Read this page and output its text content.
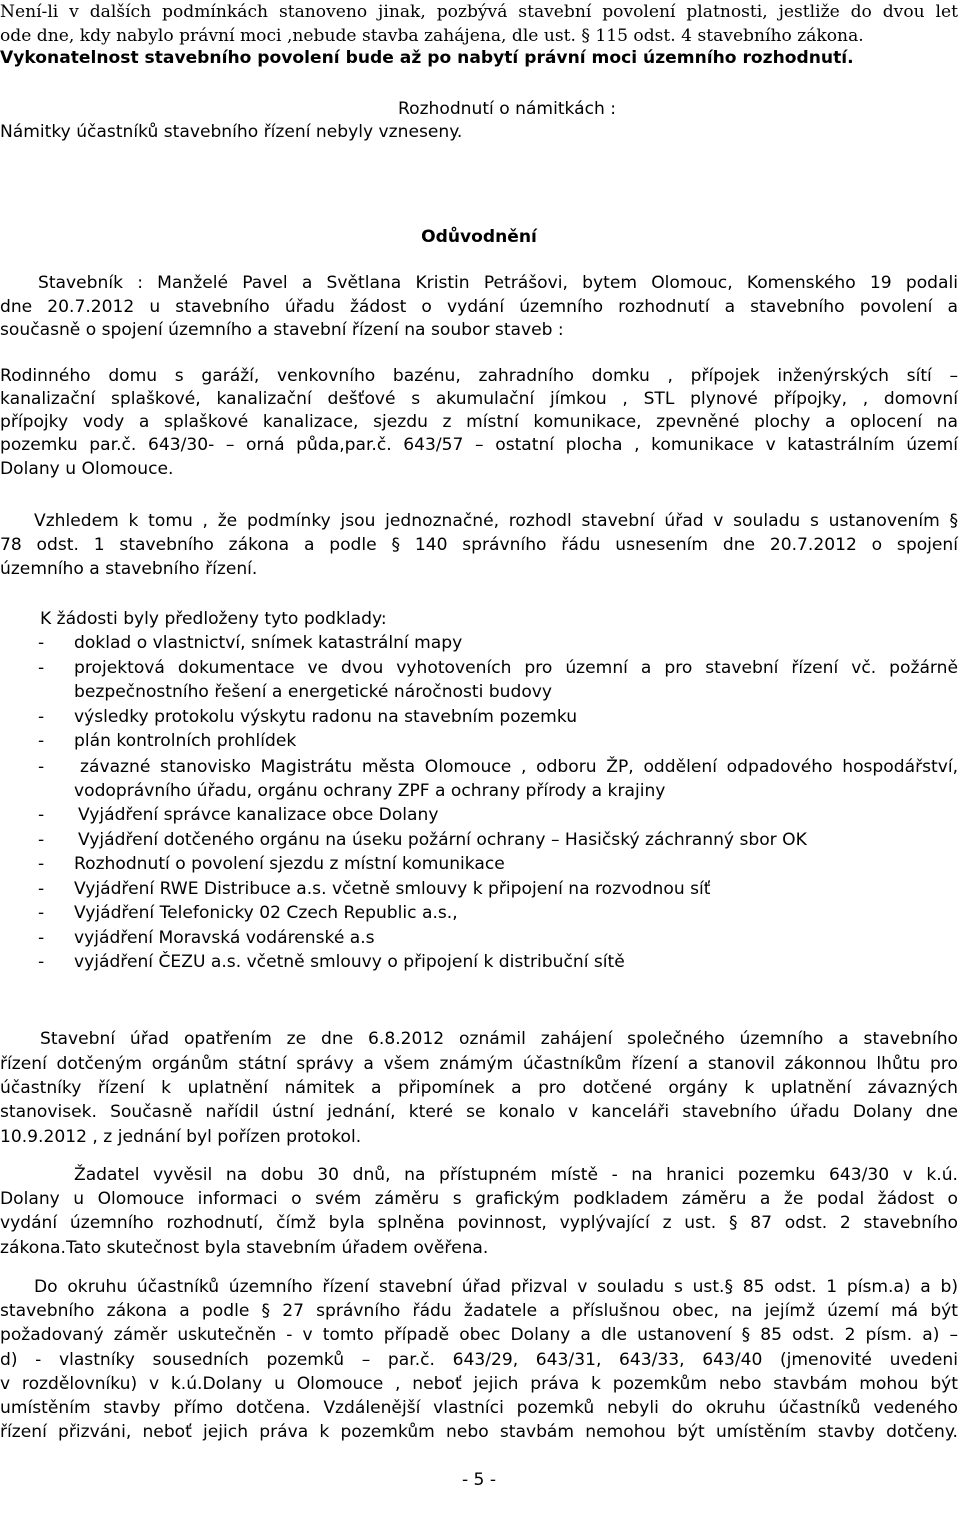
Není-li v dalších podmínkách stanoveno jinak, pozbývá stavební povolení platnosti, jestliže do dvou let
ode dne, kdy nabylo právní moci ,nebude stavba zahájena, dle ust. § 115 odst. 4 stavebního zákona.
Vykonatelnost stavebního povolení bude až po nabytí právní moci územního rozhodnutí.
Rozhodnutí o námitkách :
Námitky účastníků stavebního řízení nebyly vzneseny.
Odůvodnění
Stavebník : Manželé Pavel a Světlana Kristin Petrášovi, bytem Olomouc, Komenského 19 podali
dne 20.7.2012 u stavebního úřadu žádost o vydání územního rozhodnutí a stavebního povolení a
současně o spojení územního a stavební řízení na soubor staveb :
Rodinného domu s garáží, venkovního bazénu, zahradního domku , přípojek inženýrských sítí –
kanalizační splaškové, kanalizační dešťové s akumulační jímkou , STL plynové přípojky, , domovní
přípojky vody a splaškové kanalizace, sjezdu z místní komunikace, zpevněné plochy a oplocení na
pozemku par.č. 643/30- – orná půda,par.č. 643/57 – ostatní plocha , komunikace v katastrálním území
Dolany u Olomouce.
Vzhledem k tomu , že podmínky jsou jednoznačné, rozhodl stavební úřad v souladu s ustanovením §
78 odst. 1 stavebního zákona a podle § 140 správního řádu usnesením dne 20.7.2012 o spojení
územního a stavebního řízení.
K žádosti byly předloženy tyto podklady:
-	doklad o vlastnictví, snímek katastrální mapy
-	projektová dokumentace ve dvou vyhotoveních pro územní a pro stavební řízení vč. požárně
bezpečnostního řešení a energetické náročnosti budovy
-	výsledky protokolu výskytu radonu na stavebním pozemku
-	plán kontrolních prohlídek
-	závazné stanovisko Magistrátu města Olomouce , odboru ŽP, oddělení odpadového hospodářství,
vodoprávního úřadu, orgánu ochrany ZPF a ochrany přírody a krajiny
-	Vyjádření správce kanalizace obce Dolany
-	Vyjádření dotčeného orgánu na úseku požární ochrany – Hasičský záchranný sbor OK
-	Rozhodnutí o povolení sjezdu z místní komunikace
-	Vyjádření RWE Distribuce a.s. včetně smlouvy k připojení na rozvodnou síť
-	Vyjádření Telefonicky 02 Czech Republic a.s.,
-	vyjádření Moravská vodárenské a.s
-	vyjádření ČEZU a.s. včetně smlouvy o připojení k distribuční sítě
Stavební úřad opatřením ze dne 6.8.2012 oznámil zahájení společného územního a stavebního
řízení dotčeným orgánům státní správy a všem známým účastníkům řízení a stanovil zákonnou lhůtu pro
účastníky řízení k uplatnění námitek a připomínek a pro dotčené orgány k uplatnění závazných
stanovisek. Současně nařídil ústní jednání, které se konalo v kanceláři stavebního úřadu Dolany dne
10.9.2012 , z jednání byl pořízen protokol.
Žadatel vyvěsil na dobu 30 dnů, na přístupném místě - na hranici pozemku 643/30 v k.ú.
Dolany u Olomouce informaci o svém záměru s grafickým podkladem záměru a že podal žádost o
vydání územního rozhodnutí, čímž byla splněna povinnost, vyplývající z ust. § 87 odst. 2 stavebního
zákona.Tato skutečnost byla stavebním úřadem ověřena.
Do okruhu účastníků územního řízení stavební úřad přizval v souladu s ust.§ 85 odst. 1 písm.a) a b)
stavebního zákona a podle § 27 správního řádu žadatele a příslušnou obec, na jejímž území má být
požadovaný záměr uskutečněn - v tomto případě obec Dolany a dle ustanovení § 85 odst. 2 písm. a) –
d) - vlastníky sousedních pozemků – par.č. 643/29, 643/31, 643/33, 643/40 (jmenovité uvedeni
v rozdělovníku) v k.ú.Dolany u Olomouce , neboť jejich práva k pozemkům nebo stavbám mohou být
umístěním stavby přímo dotčena. Vzdálenější vlastníci pozemků nebyli do okruhu účastníků vedeného
řízení přizváni, neboť jejich práva k pozemkům nebo stavbám nemohou být umístěním stavby dotčeny.
- 5 -
